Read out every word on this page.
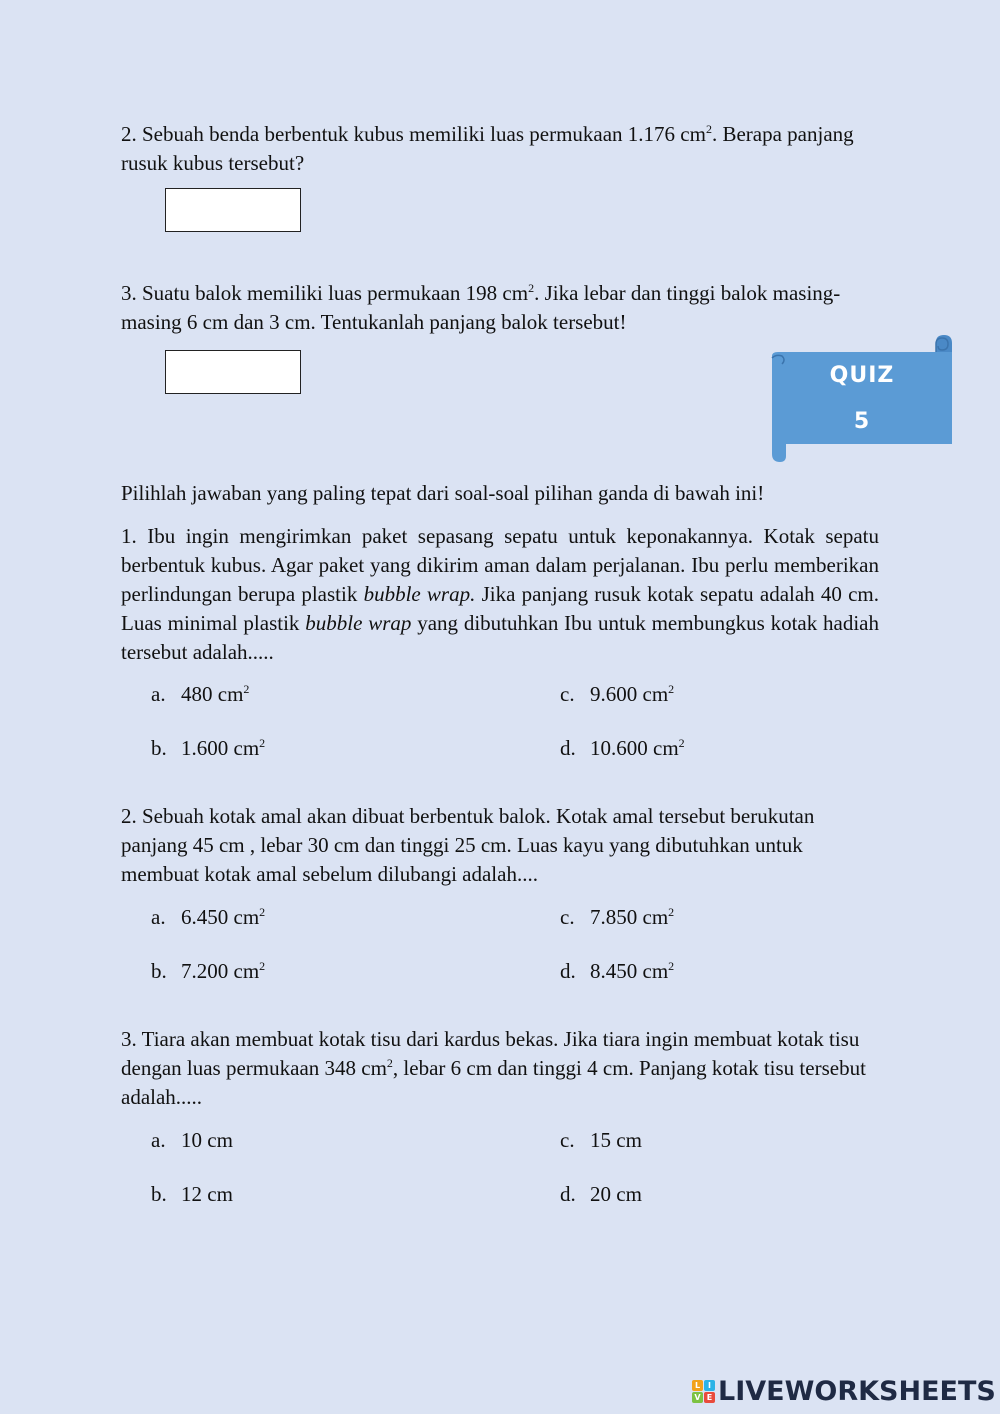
2. Sebuah benda berbentuk kubus memiliki luas permukaan 1.176 $cm^2$. Berapa panjang rusuk kubus tersebut?
3. Suatu balok memiliki luas permukaan 198 $cm^2$. Jika lebar dan tinggi balok masing-masing 6 cm dan 3 cm. Tentukanlah panjang balok tersebut!
QUIZ
5
Pilihlah jawaban yang paling tepat dari soal-soal pilihan ganda di bawah ini!
1. Ibu ingin mengirimkan paket sepasang sepatu untuk keponakannya. Kotak sepatu berbentuk kubus. Agar paket yang dikirim aman dalam perjalanan. Ibu perlu memberikan perlindungan berupa plastik bubble wrap. Jika panjang rusuk kotak sepatu adalah 40 cm. Luas minimal plastik bubble wrap yang dibutuhkan Ibu untuk membungkus kotak hadiah tersebut adalah.....
a. 480 $cm^2$
b. 1.600 $cm^2$
c. 9.600 $cm^2$
d. 10.600 $cm^2$
2. Sebuah kotak amal akan dibuat berbentuk balok. Kotak amal tersebut berukutan panjang 45 cm , lebar 30 cm dan tinggi 25 cm. Luas kayu yang dibutuhkan untuk membuat kotak amal sebelum dilubangi adalah....
a. 6.450 $cm^2$
b. 7.200 $cm^2$
c. 7.850 $cm^2$
d. 8.450 $cm^2$
3. Tiara akan membuat kotak tisu dari kardus bekas. Jika tiara ingin membuat kotak tisu dengan luas permukaan 348 $cm^2$, lebar 6 cm dan tinggi 4 cm. Panjang kotak tisu tersebut adalah.....
a. 10 cm
b. 12 cm
c. 15 cm
d. 20 cm
L I
V E LIVEWORKSHEETS
